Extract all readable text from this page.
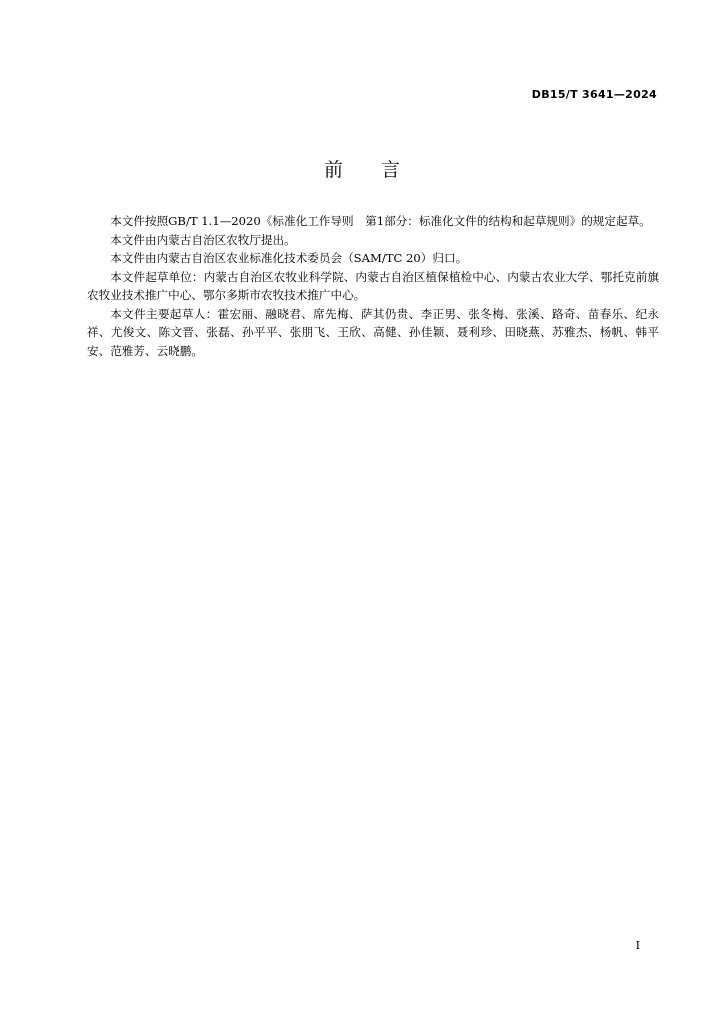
DB15/T 3641—2024
前言

本文件按照GB/T 1.1—2020《标准化工作导则　第1部分：标准化文件的结构和起草规则》的规定起草。

本文件由内蒙古自治区农牧厅提出。

本文件由内蒙古自治区农业标准化技术委员会（SAM/TC 20）归口。

本文件起草单位：内蒙古自治区农牧业科学院、内蒙古自治区植保植检中心、内蒙古农业大学、鄂托克前旗农牧业技术推广中心、鄂尔多斯市农牧技术推广中心。

本文件主要起草人：霍宏丽、融晓君、席先梅、萨其仍贵、李正男、张冬梅、张溪、路奇、苗春乐、纪永祥、尤俊文、陈文晋、张磊、孙平平、张朋飞、王欣、高健、孙佳颖、聂利珍、田晓燕、苏雅杰、杨帆、韩平安、范雅芳、云晓鹏。

I
